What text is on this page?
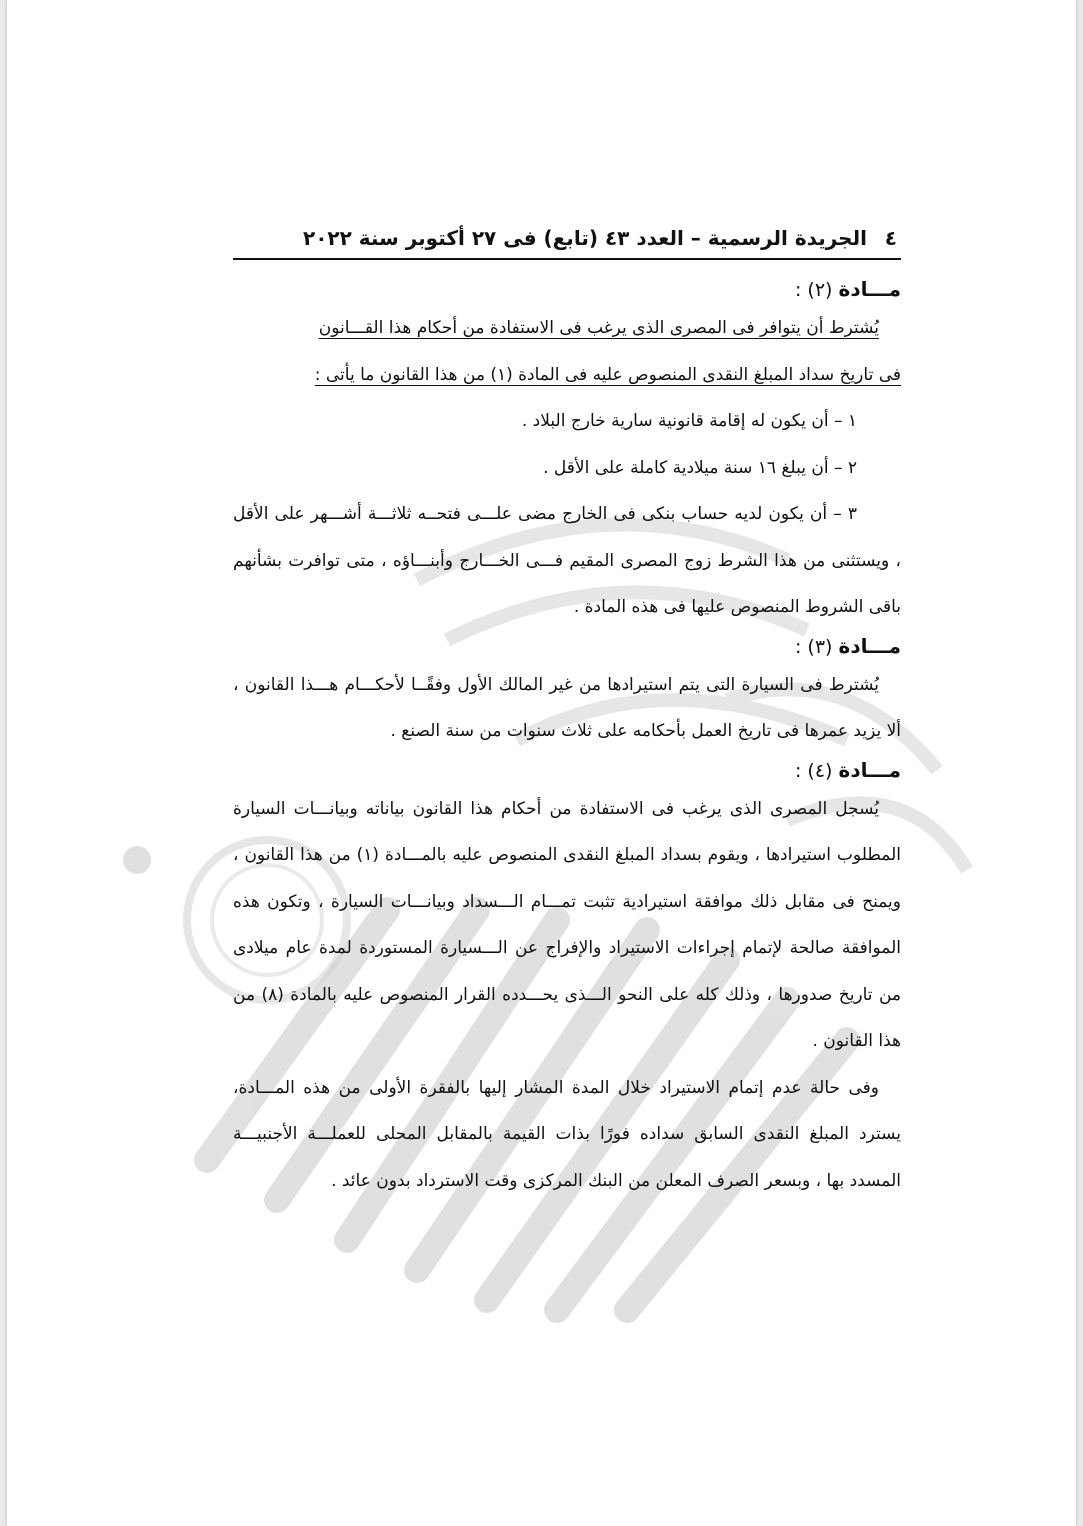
٤
الجريدة الرسمية – العدد ٤٣ (تابع) فى ٢٧ أكتوبر سنة ٢٠٢٢
مـــادة (٢) :

يُشترط أن يتوافر فى المصرى الذى يرغب فى الاستفادة من أحكام هذا القـــانون
فى تاريخ سداد المبلغ النقدى المنصوص عليه فى المادة (١) من هذا القانون ما يأتى :

١ – أن يكون له إقامة قانونية سارية خارج البلاد .

٢ – أن يبلغ ١٦ سنة ميلادية كاملة على الأقل .

٣ – أن يكون لديه حساب بنكى فى الخارج مضى علـــى فتحــه ثلاثـــة أشـــهر على الأقل ، ويستثنى من هذا الشرط زوج المصرى المقيم فـــى الخـــارج وأبنـــاؤه ، متى توافرت بشأنهم باقى الشروط المنصوص عليها فى هذه المادة .

مـــادة (٣) :

يُشترط فى السيارة التى يتم استيرادها من غير المالك الأول وفقًــا لأحكـــام هـــذا القانون ، ألا يزيد عمرها فى تاريخ العمل بأحكامه على ثلاث سنوات من سنة الصنع .

مـــادة (٤) :

يُسجل المصرى الذى يرغب فى الاستفادة من أحكام هذا القانون بياناته وبيانـــات السيارة المطلوب استيرادها ، ويقوم بسداد المبلغ النقدى المنصوص عليه بالمـــادة (١) من هذا القانون ، ويمنح فى مقابل ذلك موافقة استيرادية تثبت تمـــام الـــسداد وبيانـــات السيارة ، وتكون هذه الموافقة صالحة لإتمام إجراءات الاستيراد والإفراج عن الـــسيارة المستوردة لمدة عام ميلادى من تاريخ صدورها ، وذلك كله على النحو الـــذى يحـــدده القرار المنصوص عليه بالمادة (٨) من هذا القانون .

وفى حالة عدم إتمام الاستيراد خلال المدة المشار إليها بالفقرة الأولى من هذه المـــادة، يسترد المبلغ النقدى السابق سداده فورًا بذات القيمة بالمقابل المحلى للعملـــة الأجنبيـــة المسدد بها ، وبسعر الصرف المعلن من البنك المركزى وقت الاسترداد بدون عائد .
